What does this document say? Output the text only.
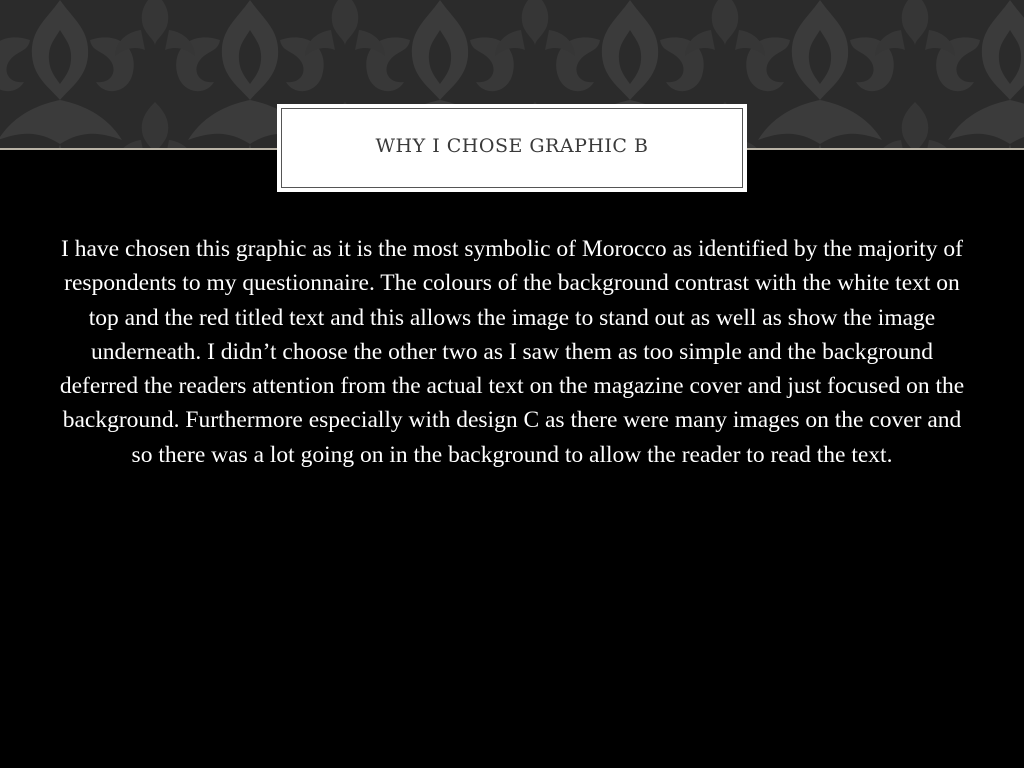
WHY I CHOSE GRAPHIC B

I have chosen this graphic as it is the most symbolic of Morocco as identified by the majority of respondents to my questionnaire. The colours of the background contrast with the white text on top and the red titled text and this allows the image to stand out as well as show the image underneath. I didn’t choose the other two as I saw them as too simple and the background deferred the readers attention from the actual text on the magazine cover and just focused on the background. Furthermore especially with design C as there were many images on the cover and so there was a lot going on in the background to allow the reader to read the text.
